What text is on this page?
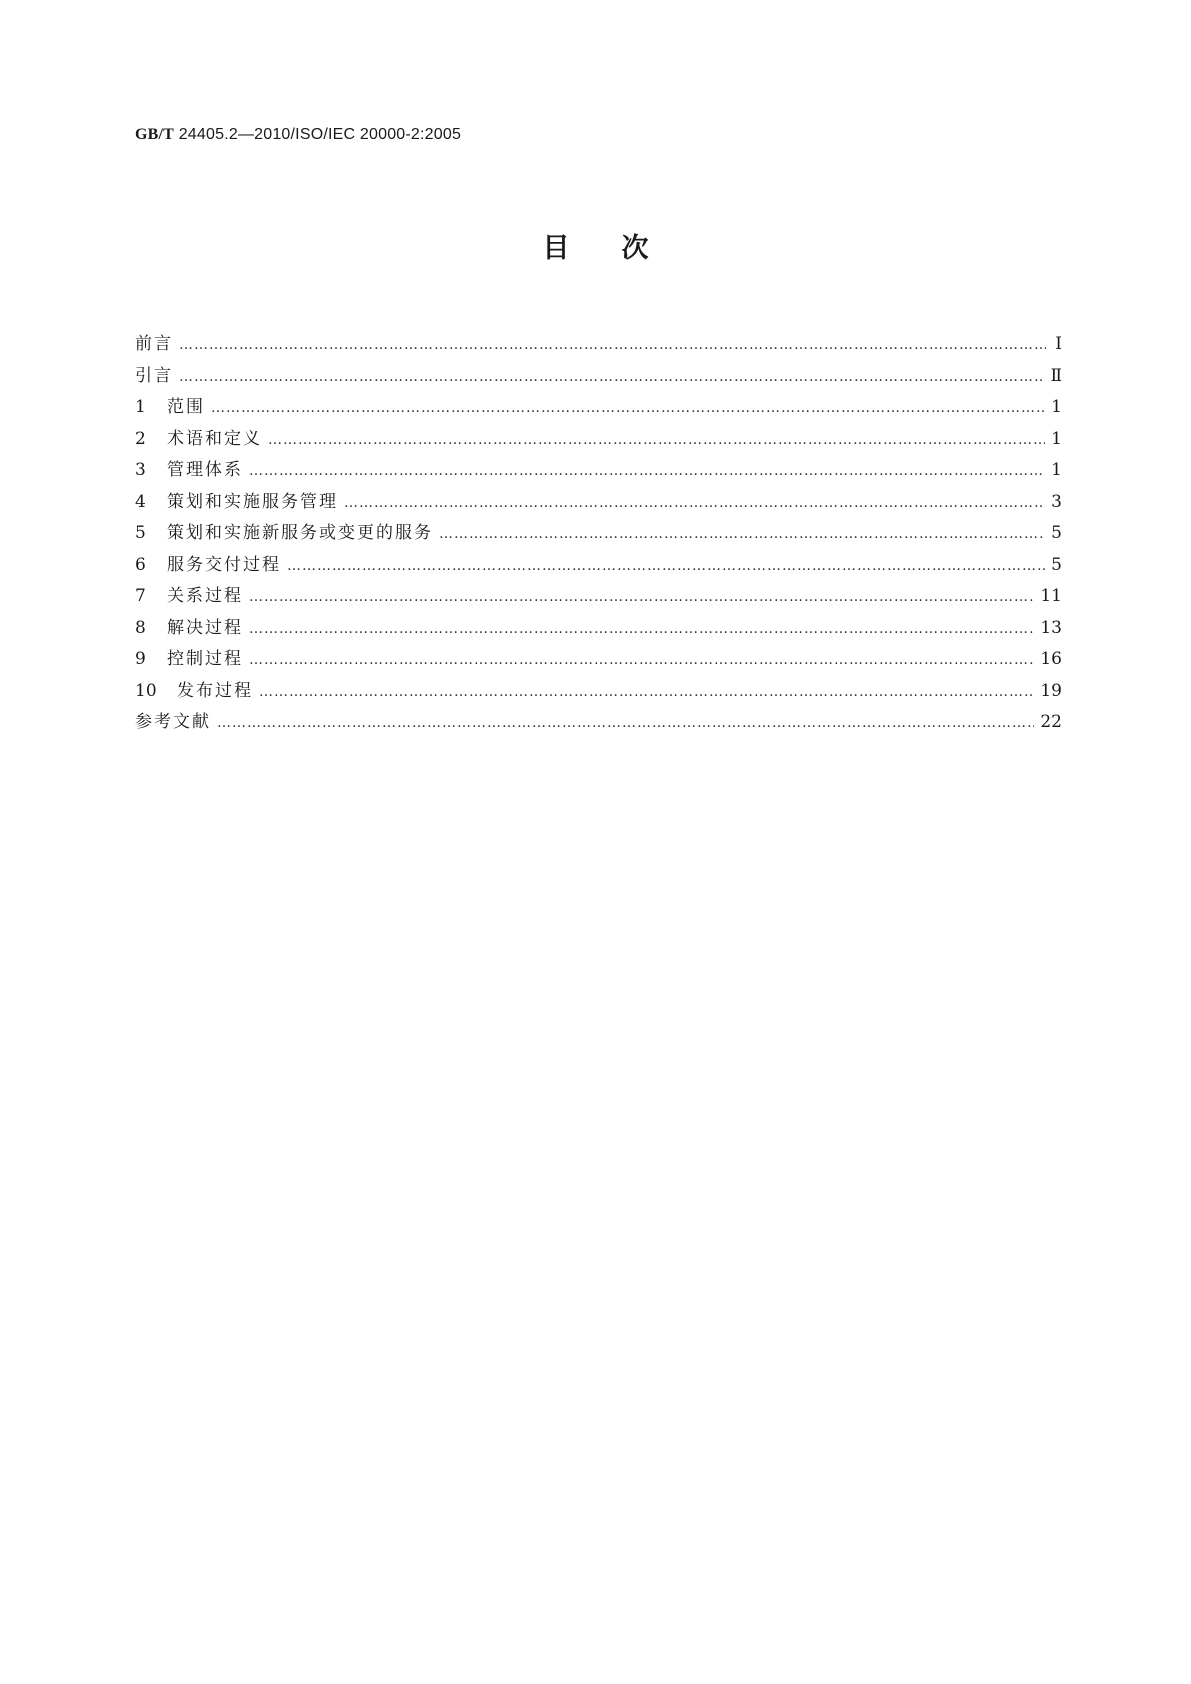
GB/T 24405.2—2010/ISO/IEC 20000-2:2005
目次
前言 …………………………………………………………………………………………………………………………………………………………………………………………………………………………………………	Ⅰ
引言 …………………………………………………………………………………………………………………………………………………………………………………………………………………………………………	Ⅱ
1	范围 …………………………………………………………………………………………………………………………………………………………………………………………………………………………………………	1
2	术语和定义 …………………………………………………………………………………………………………………………………………………………………………………………………………………………………………	1
3	管理体系 …………………………………………………………………………………………………………………………………………………………………………………………………………………………………………	1
4	策划和实施服务管理 …………………………………………………………………………………………………………………………………………………………………………………………………………………………………………	3
5	策划和实施新服务或变更的服务 …………………………………………………………………………………………………………………………………………………………………………………………………………………………………………	5
6	服务交付过程 …………………………………………………………………………………………………………………………………………………………………………………………………………………………………………	5
7	关系过程 …………………………………………………………………………………………………………………………………………………………………………………………………………………………………………	11
8	解决过程 …………………………………………………………………………………………………………………………………………………………………………………………………………………………………………	13
9	控制过程 …………………………………………………………………………………………………………………………………………………………………………………………………………………………………………	16
10	发布过程 …………………………………………………………………………………………………………………………………………………………………………………………………………………………………………	19
参考文献 …………………………………………………………………………………………………………………………………………………………………………………………………………………………………………	22
